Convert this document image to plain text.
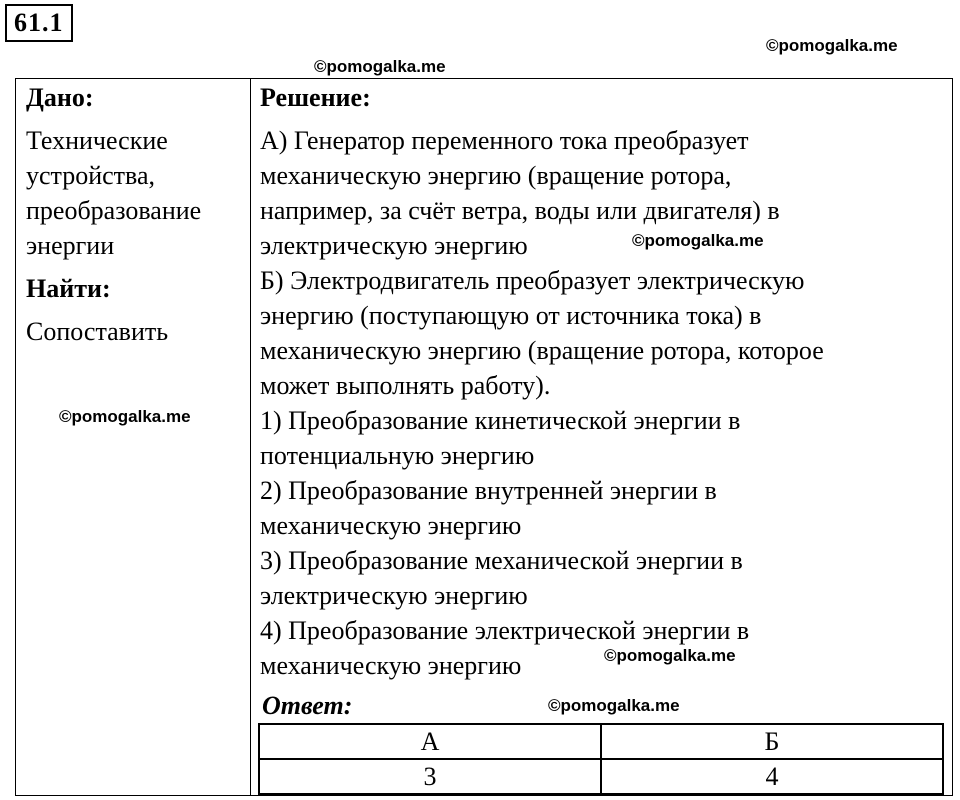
61.1
©pomogalka.me
©pomogalka.me
©pomogalka.me
©pomogalka.me
©pomogalka.me
©pomogalka.me
Дано:
Технические
устройства,
преобразование
энергии
Найти:
Сопоставить
Решение:
А) Генератор переменного тока преобразует
механическую энергию (вращение ротора,
например, за счёт ветра, воды или двигателя) в
электрическую энергию
Б) Электродвигатель преобразует электрическую
энергию (поступающую от источника тока) в
механическую энергию (вращение ротора, которое
может выполнять работу).
1) Преобразование кинетической энергии в
потенциальную энергию
2) Преобразование внутренней энергии в
механическую энергию
3) Преобразование механической энергии в
электрическую энергию
4) Преобразование электрической энергии в
механическую энергию
Ответ:
А	Б
3	4
